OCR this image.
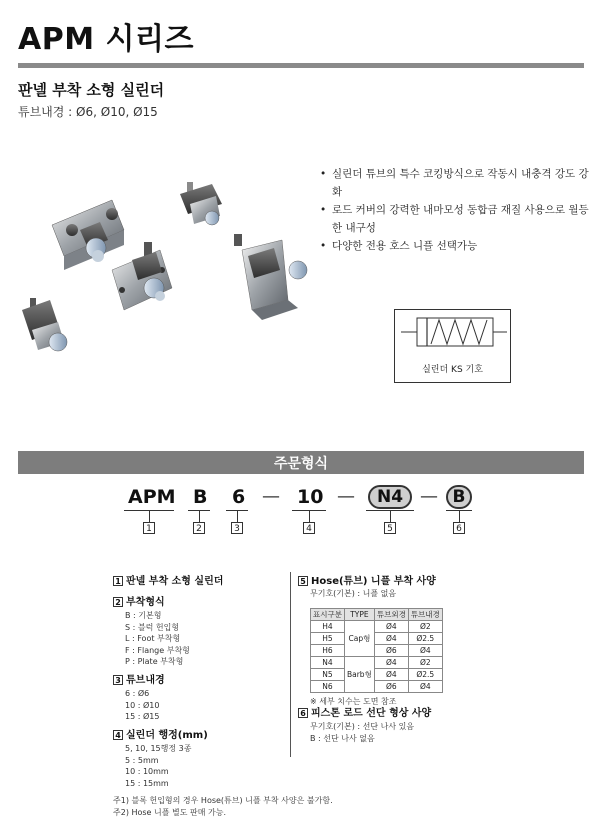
APM 시리즈
판넬 부착 소형 실린더
튜브내경 : Ø6, Ø10, Ø15
• 실린더 튜브의 특수 코킹방식으로 작동시 내충격 강도 강화
• 로드 커버의 강력한 내마모성 동합금 재질 사용으로 월등한 내구성
• 다양한 전용 호스 니플 선택가능
실린더 KS 기호
주문형식
APM B 6 — 10 —	N4 — B
1	2	3	4	5	6
1 판넬 부착 소형 실린더
2 부착형식
B : 기본형
S : 블럭 헌입형
L : Foot 부착형
F : Flange 부착형
P : Plate 부착형
3 튜브내경
6 : Ø6
10 : Ø10
15 : Ø15
4 실린더 행정(mm)
5, 10, 15행정 3종
5 : 5mm
10 : 10mm
15 : 15mm
5 Hose(튜브) 니플 부착 사양
무기호(기본) : 니플 없음
표시구분	TYPE	튜브외경	튜브내경
H4	Cap형	Ø4	Ø2
H5		Ø4	Ø2.5
H6		Ø6	Ø4
N4	Barb형	Ø4	Ø2
N5		Ø4	Ø2.5
N6		Ø6	Ø4
※ 세부 치수는 도면 참조
6 피스톤 로드 선단 형상 사양
무기호(기본) : 선단 나사 있음
B : 선단 나사 없음
주1) 블록 헌입형의 경우 Hose(튜브) 니플 부착 사양은 불가함.
주2) Hose 니플 별도 판매 가능.
